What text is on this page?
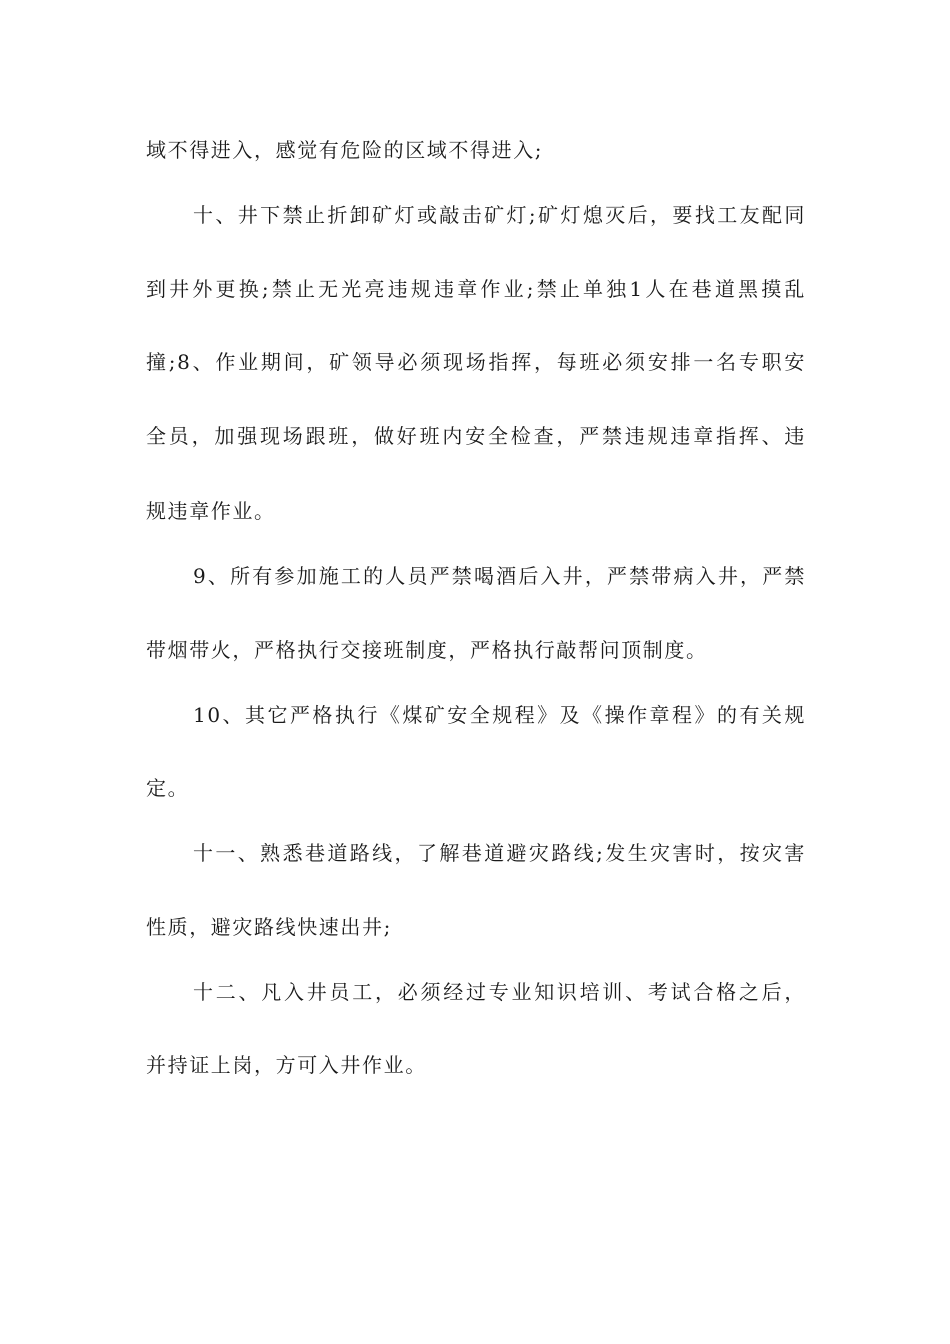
域不得进入，感觉有危险的区域不得进入;
十、井下禁止折卸矿灯或敲击矿灯;矿灯熄灭后，要找工友配同
到井外更换;禁止无光亮违规违章作业;禁止单独1人在巷道黑摸乱
撞;8、作业期间，矿领导必须现场指挥，每班必须安排一名专职安
全员，加强现场跟班，做好班内安全检查，严禁违规违章指挥、违
规违章作业。
9、所有参加施工的人员严禁喝酒后入井，严禁带病入井，严禁
带烟带火，严格执行交接班制度，严格执行敲帮问顶制度。
10、其它严格执行《煤矿安全规程》及《操作章程》的有关规
定。
十一、熟悉巷道路线，了解巷道避灾路线;发生灾害时，按灾害
性质，避灾路线快速出井;
十二、凡入井员工，必须经过专业知识培训、考试合格之后，
并持证上岗，方可入井作业。
